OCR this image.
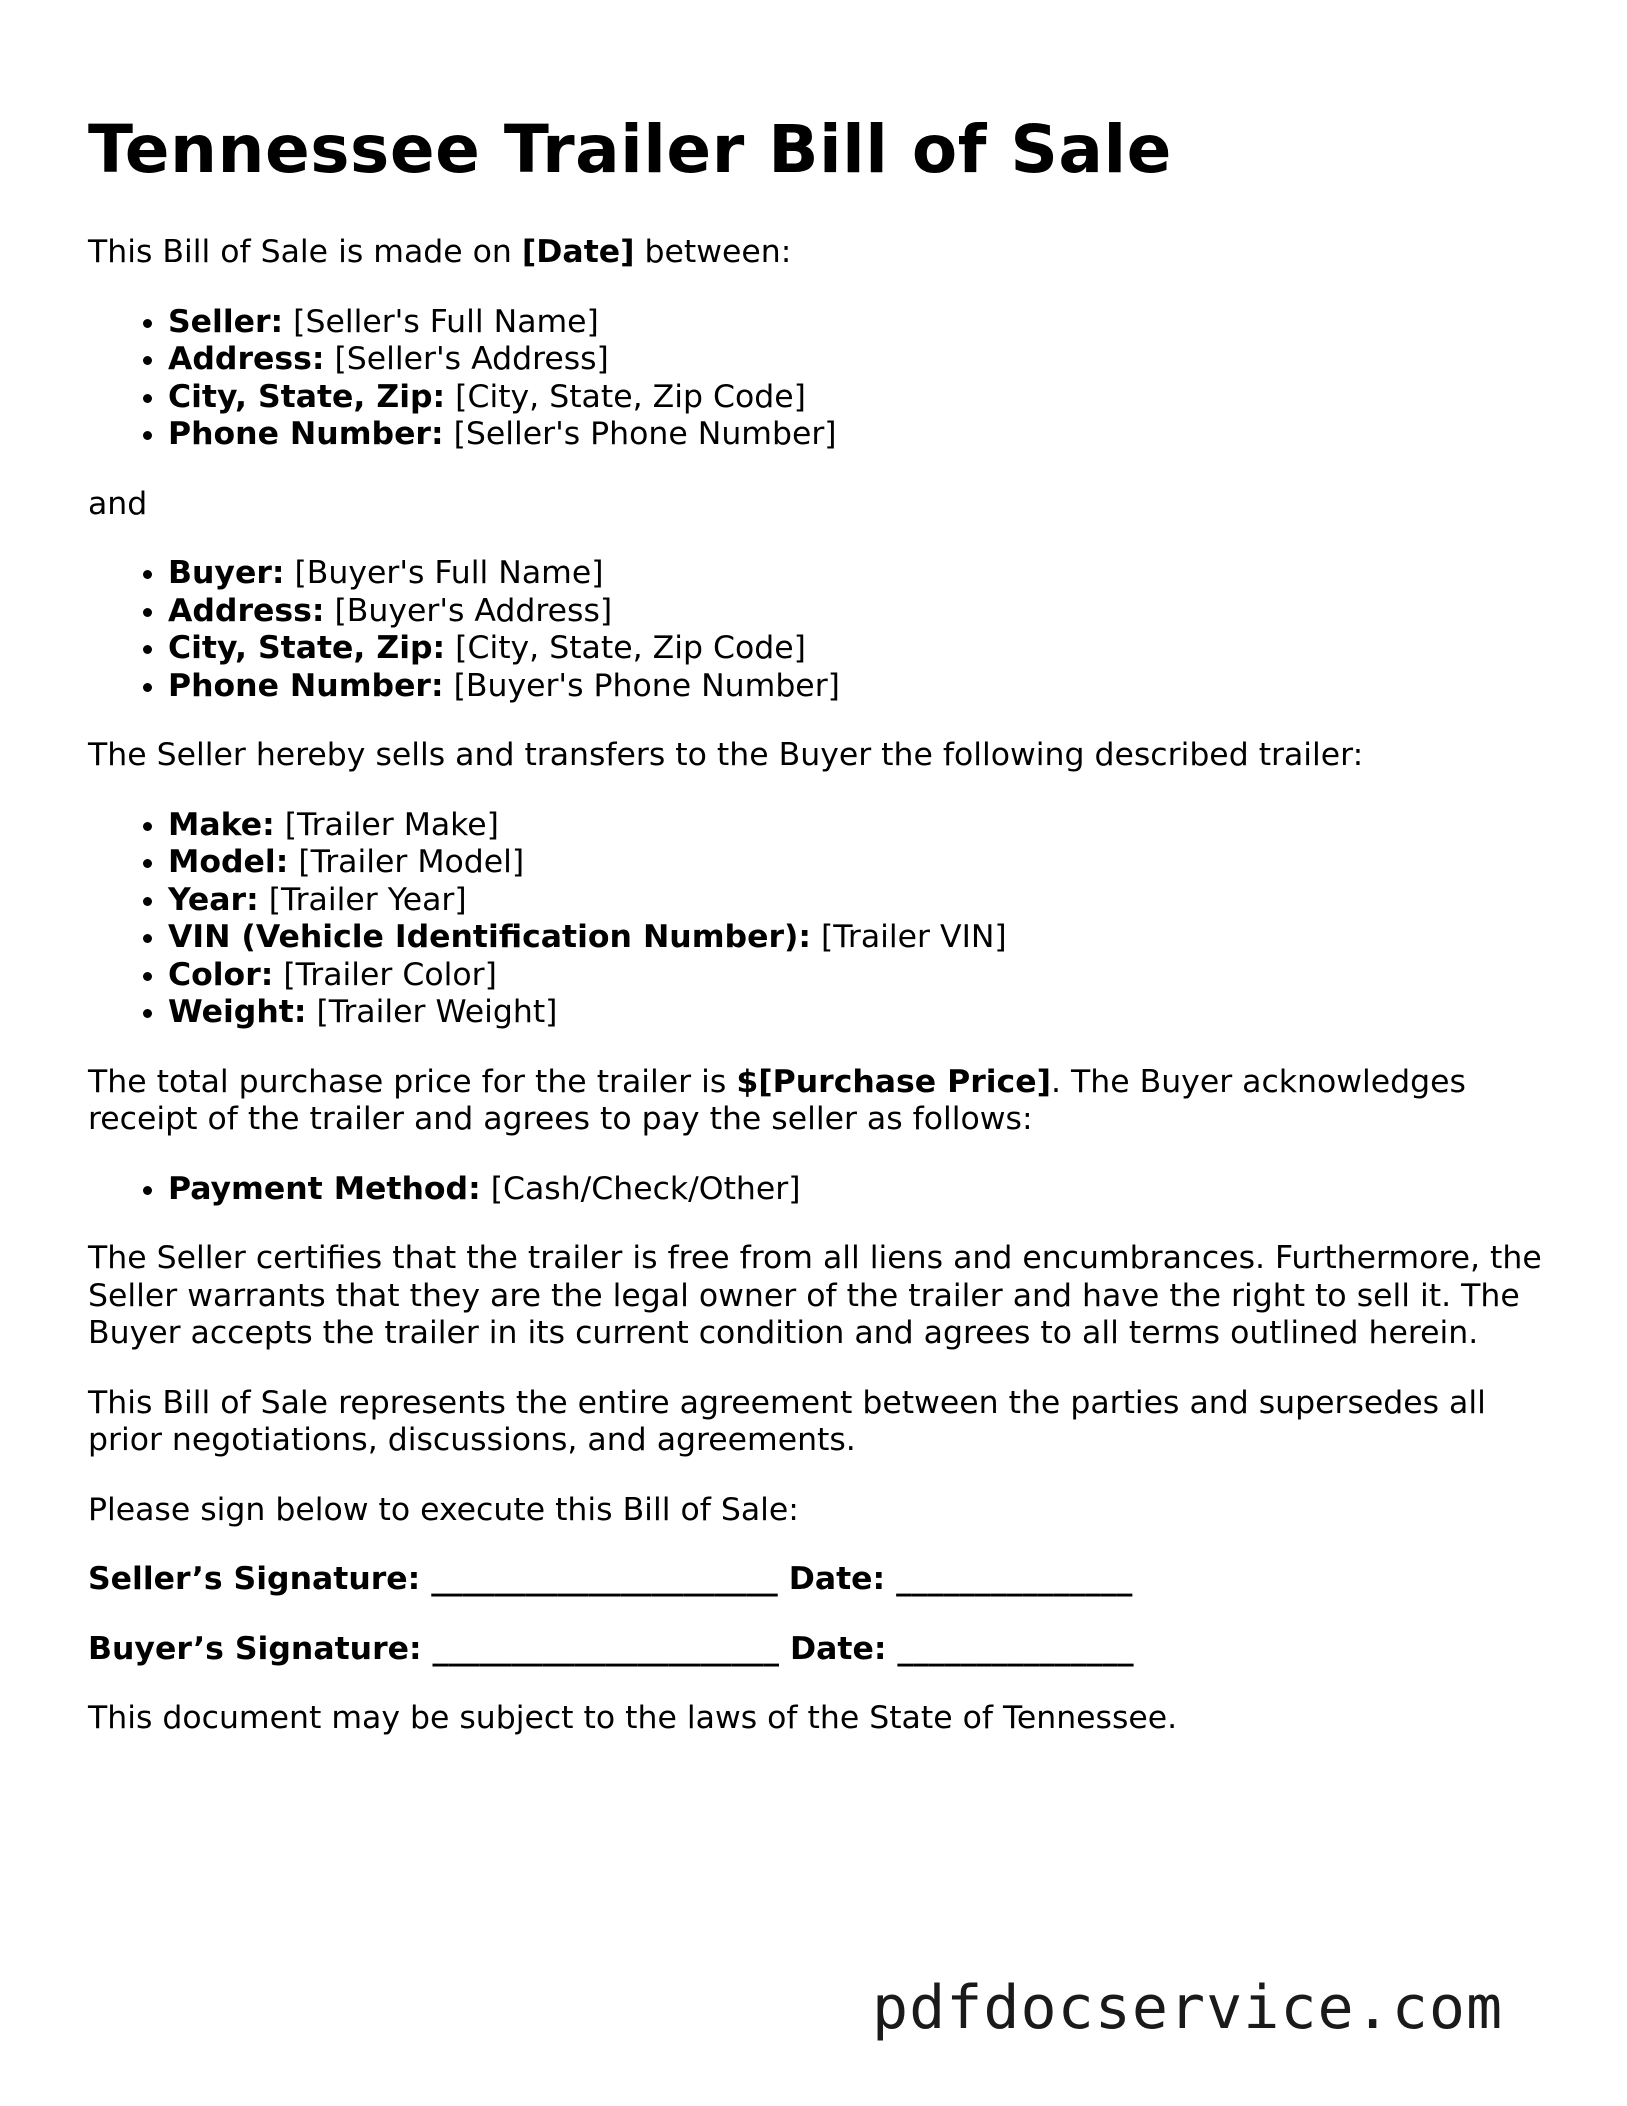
Tennessee Trailer Bill of Sale

This Bill of Sale is made on [Date] between:

• Seller: [Seller's Full Name]
• Address: [Seller's Address]
• City, State, Zip: [City, State, Zip Code]
• Phone Number: [Seller's Phone Number]

and

• Buyer: [Buyer's Full Name]
• Address: [Buyer's Address]
• City, State, Zip: [City, State, Zip Code]
• Phone Number: [Buyer's Phone Number]

The Seller hereby sells and transfers to the Buyer the following described trailer:

• Make: [Trailer Make]
• Model: [Trailer Model]
• Year: [Trailer Year]
• VIN (Vehicle Identification Number): [Trailer VIN]
• Color: [Trailer Color]
• Weight: [Trailer Weight]

The total purchase price for the trailer is $[Purchase Price]. The Buyer acknowledges receipt of the trailer and agrees to pay the seller as follows:

• Payment Method: [Cash/Check/Other]

The Seller certifies that the trailer is free from all liens and encumbrances. Furthermore, the Seller warrants that they are the legal owner of the trailer and have the right to sell it. The Buyer accepts the trailer in its current condition and agrees to all terms outlined herein.

This Bill of Sale represents the entire agreement between the parties and supersedes all prior negotiations, discussions, and agreements.

Please sign below to execute this Bill of Sale:

Seller’s Signature: ______________________ Date: _______________

Buyer’s Signature: ______________________ Date: _______________

This document may be subject to the laws of the State of Tennessee.

pdfdocservice.com
